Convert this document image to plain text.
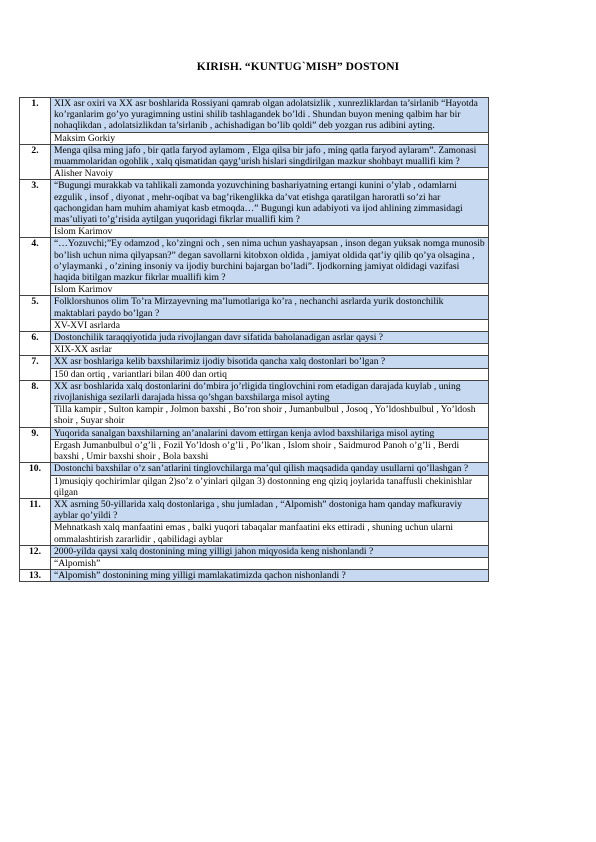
KIRISH. “KUNTUG`MISH” DOSTONI
1.	XIX asr oxiri va XX asr boshlarida Rossiyani qamrab olgan adolatsizlik , xunrezliklardan ta’sirlanib “Hayotda ko’rganlarim go’yo yuragimning ustini shilib tashlagandek bo’ldi . Shundan buyon mening qalbim har bir nohaqlikdan , adolatsizlikdan ta’sirlanib , achishadigan bo’lib qoldi” deb yozgan rus adibini ayting.
	Maksim Gorkiy
2.	Menga qilsa ming jafo , bir qatla faryod aylamom , Elga qilsa bir jafo , ming qatla faryod aylaram”. Zamonasi muammolaridan ogohlik , xalq qismatidan qayg’urish hislari singdirilgan mazkur shohbayt muallifi kim ?
	Alisher Navoiy
3.	“Bugungi murakkab va tahlikali zamonda yozuvchining bashariyatning ertangi kunini o’ylab , odamlarni ezgulik , insof , diyonat , mehr-oqibat va bag’rikenglikka da’vat etishga qaratilgan haroratli so’zi har qachongidan ham muhim ahamiyat kasb etmoqda…” Bugungi kun adabiyoti va ijod ahlining zimmasidagi mas’uliyati to’g’risida aytilgan yuqoridagi fikrlar muallifi kim ?
	Islom Karimov
4.	“…Yozuvchi;”Ey odamzod , ko’zingni och , sen nima uchun yashayapsan , inson degan yuksak nomga munosib bo’lish uchun nima qilyapsan?” degan savollarni kitobxon oldida , jamiyat oldida qat’iy qilib qo’ya olsagina , o’ylaymanki , o’zining insoniy va ijodiy burchini bajargan bo’ladi”. Ijodkorning jamiyat oldidagi vazifasi haqida bitilgan mazkur fikrlar muallifi kim ?
	Islom Karimov
5.	Folklorshunos olim To’ra Mirzayevning ma’lumotlariga ko’ra , nechanchi asrlarda yurik dostonchilik maktablari paydo bo’lgan ?
	XV-XVI asrlarda
6.	Dostonchilik taraqqiyotida juda rivojlangan davr sifatida baholanadigan asrlar qaysi ?
	XIX-XX asrlar
7.	XX asr boshlariga kelib baxshilarimiz ijodiy bisotida qancha xalq dostonlari bo’lgan ?
	150 dan ortiq , variantlari bilan 400 dan ortiq
8.	XX asr boshlarida xalq dostonlarini do’mbira jo’rligida tinglovchini rom etadigan darajada kuylab , uning rivojlanishiga sezilarli darajada hissa qo’shgan baxshilarga misol ayting
	Tilla kampir , Sulton kampir , Jolmon baxshi , Bo’ron shoir , Jumanbulbul , Josoq , Yo’ldoshbulbul , Yo’ldosh shoir , Suyar shoir
9.	Yuqorida sanalgan baxshilarning an’analarini davom ettirgan kenja avlod baxshilariga misol ayting
	Ergash Jumanbulbul o’g’li , Fozil Yo’ldosh o’g’li , Po’lkan , Islom shoir , Saidmurod Panoh o’g’li , Berdi baxshi , Umir baxshi shoir , Bola baxshi
10.	Dostonchi baxshilar o’z san’atlarini tinglovchilarga ma’qul qilish maqsadida qanday usullarni qo’llashgan ?
	1)musiqiy qochirimlar qilgan 2)so’z o’yinlari qilgan 3) dostonning eng qiziq joylarida tanaffusli chekinishlar qilgan
11.	XX asrning 50-yillarida xalq dostonlariga , shu jumladan , “Alpomish” dostoniga ham qanday mafkuraviy ayblar qo’yildi ?
	Mehnatkash xalq manfaatini emas , balki yuqori tabaqalar manfaatini eks ettiradi , shuning uchun ularni ommalashtirish zararlidir , qabilidagi ayblar
12.	2000-yilda qaysi xalq dostonining ming yilligi jahon miqyosida keng nishonlandi ?
	“Alpomish”
13.	“Alpomish” dostonining ming yilligi mamlakatimizda qachon nishonlandi ?
